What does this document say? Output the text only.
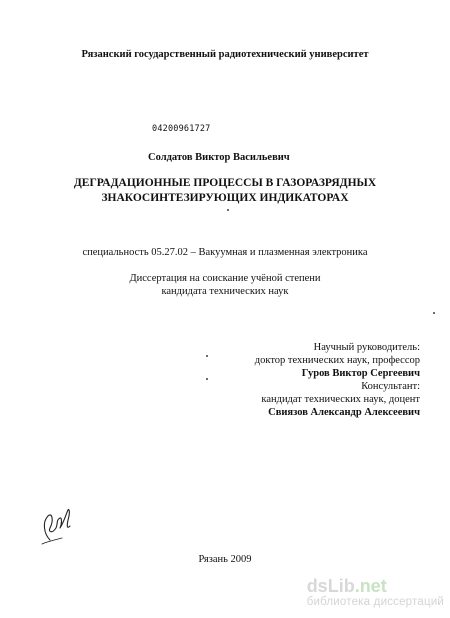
Рязанский государственный радиотехнический университет
04200961727
Солдатов Виктор Васильевич
ДЕГРАДАЦИОННЫЕ ПРОЦЕССЫ В ГАЗОРАЗРЯДНЫХ
ЗНАКОСИНТЕЗИРУЮЩИХ ИНДИКАТОРАХ
специальность 05.27.02 – Вакуумная и плазменная электроника
Диссертация на соискание учёной степени
кандидата технических наук
Научный руководитель:
доктор технических наук, профессор
Гуров Виктор Сергеевич
Консультант:
кандидат технических наук, доцент
Свиязов Александр Алексеевич
Рязань 2009
dsLib.net
библиотека диссертаций
